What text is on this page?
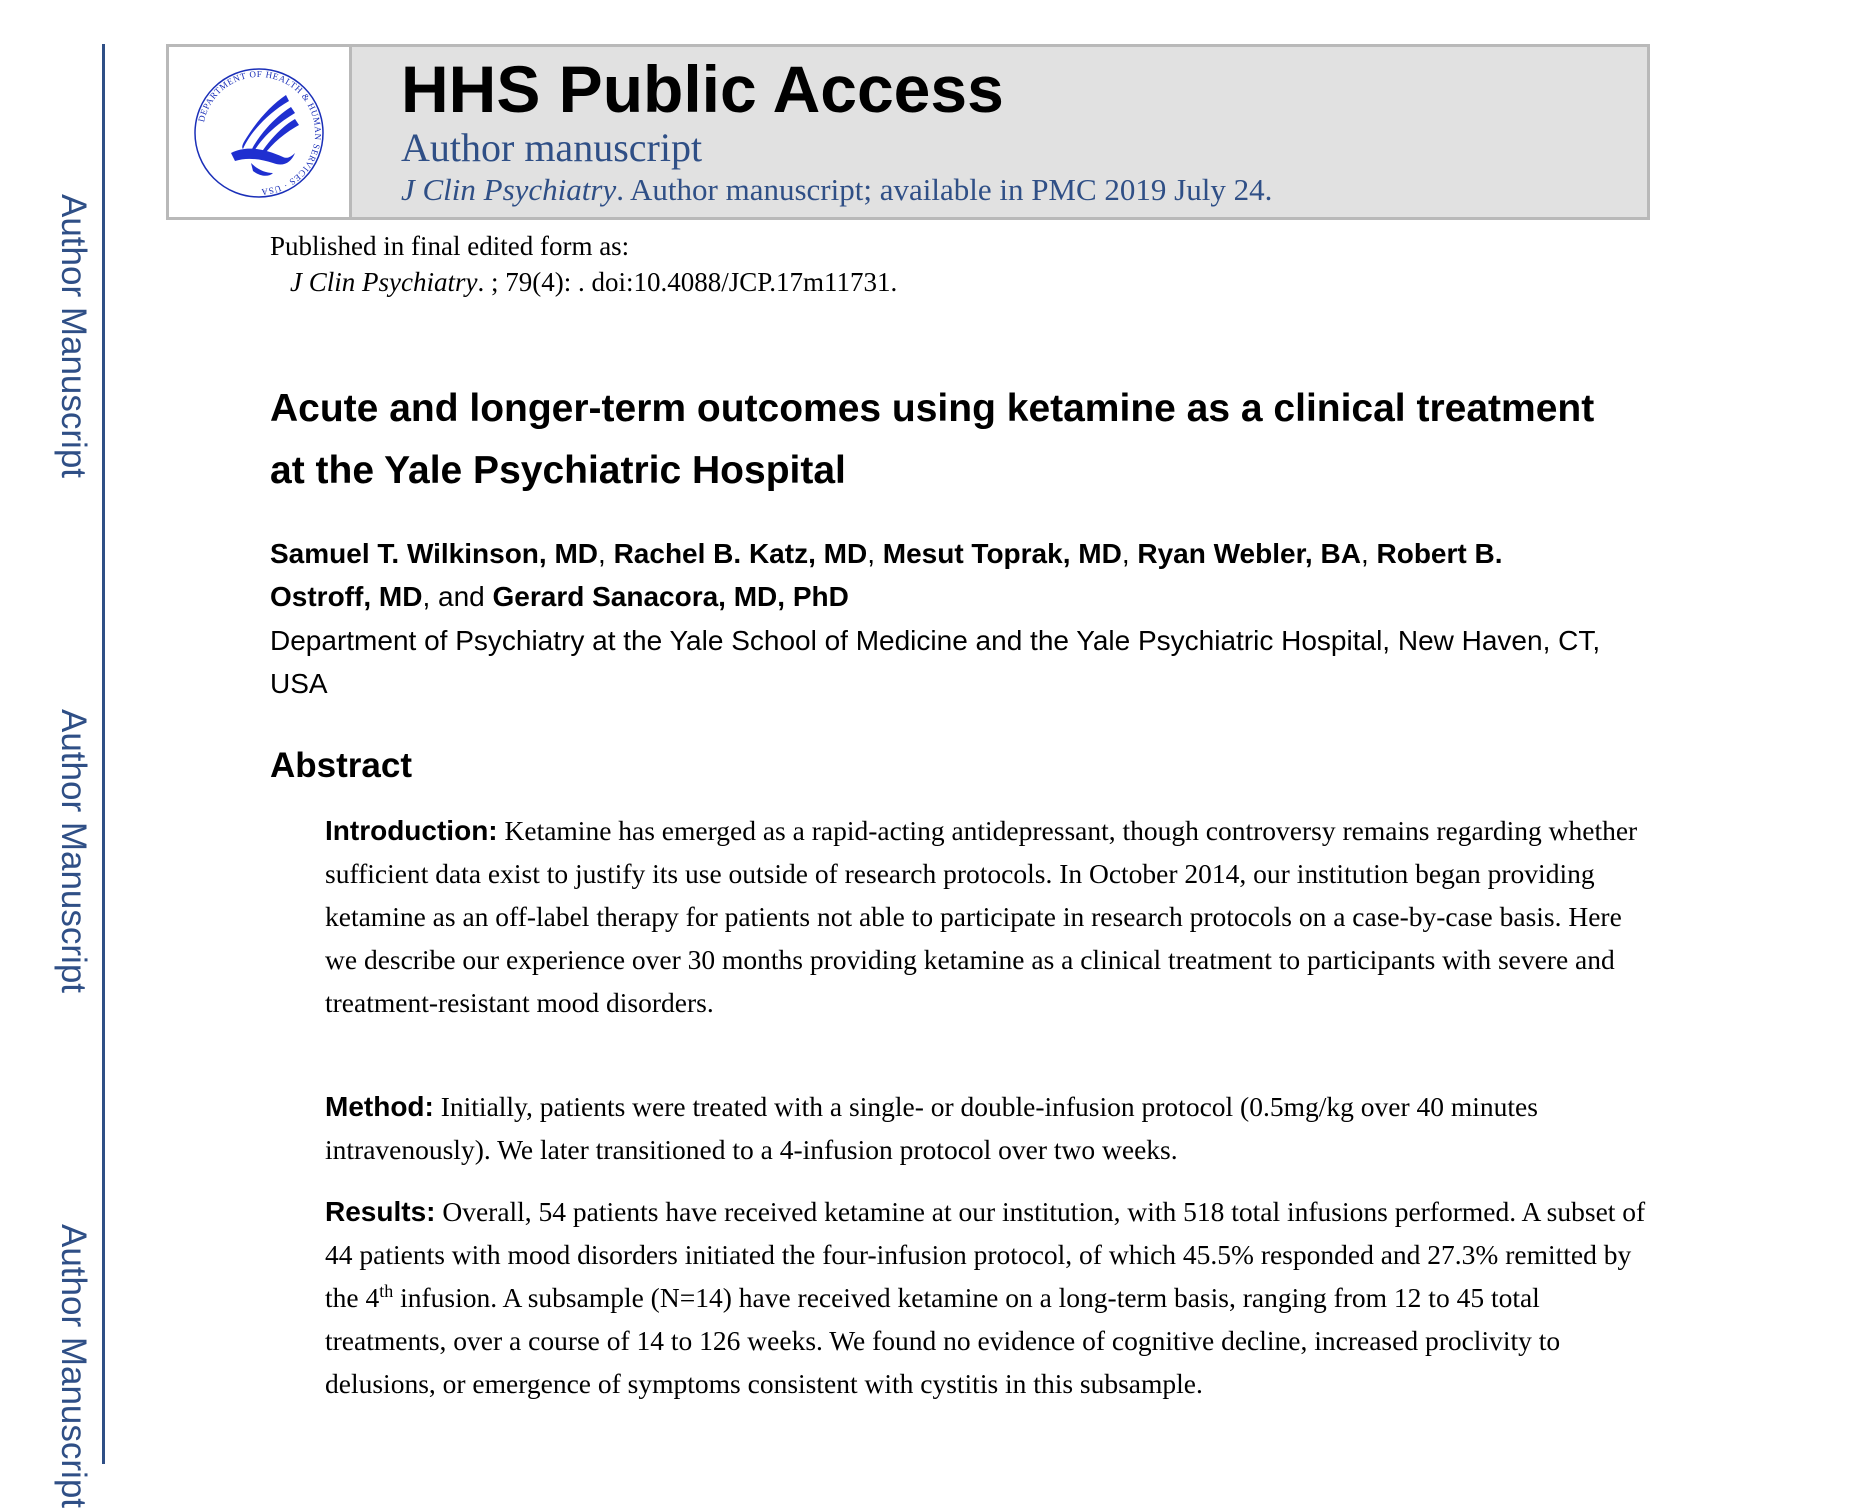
Author Manuscript
Author Manuscript
Author Manuscript
DEPARTMENT OF HEALTH & HUMAN SERVICES · USA
HHS Public Access
Author manuscript
J Clin Psychiatry. Author manuscript; available in PMC 2019 July 24.
Published in final edited form as:
J Clin Psychiatry. ; 79(4): . doi:10.4088/JCP.17m11731.
Acute and longer-term outcomes using ketamine as a clinical treatment at the Yale Psychiatric Hospital
Samuel T. Wilkinson, MD, Rachel B. Katz, MD, Mesut Toprak, MD, Ryan Webler, BA, Robert B. Ostroff, MD, and Gerard Sanacora, MD, PhD
Department of Psychiatry at the Yale School of Medicine and the Yale Psychiatric Hospital, New Haven, CT, USA
Abstract
Introduction: Ketamine has emerged as a rapid-acting antidepressant, though controversy remains regarding whether sufficient data exist to justify its use outside of research protocols. In October 2014, our institution began providing ketamine as an off-label therapy for patients not able to participate in research protocols on a case-by-case basis. Here we describe our experience over 30 months providing ketamine as a clinical treatment to participants with severe and treatment-resistant mood disorders.
Method: Initially, patients were treated with a single- or double-infusion protocol (0.5mg/kg over 40 minutes intravenously). We later transitioned to a 4-infusion protocol over two weeks.
Results: Overall, 54 patients have received ketamine at our institution, with 518 total infusions performed. A subset of 44 patients with mood disorders initiated the four-infusion protocol, of which 45.5% responded and 27.3% remitted by the 4th infusion. A subsample (N=14) have received ketamine on a long-term basis, ranging from 12 to 45 total treatments, over a course of 14 to 126 weeks. We found no evidence of cognitive decline, increased proclivity to delusions, or emergence of symptoms consistent with cystitis in this subsample.
